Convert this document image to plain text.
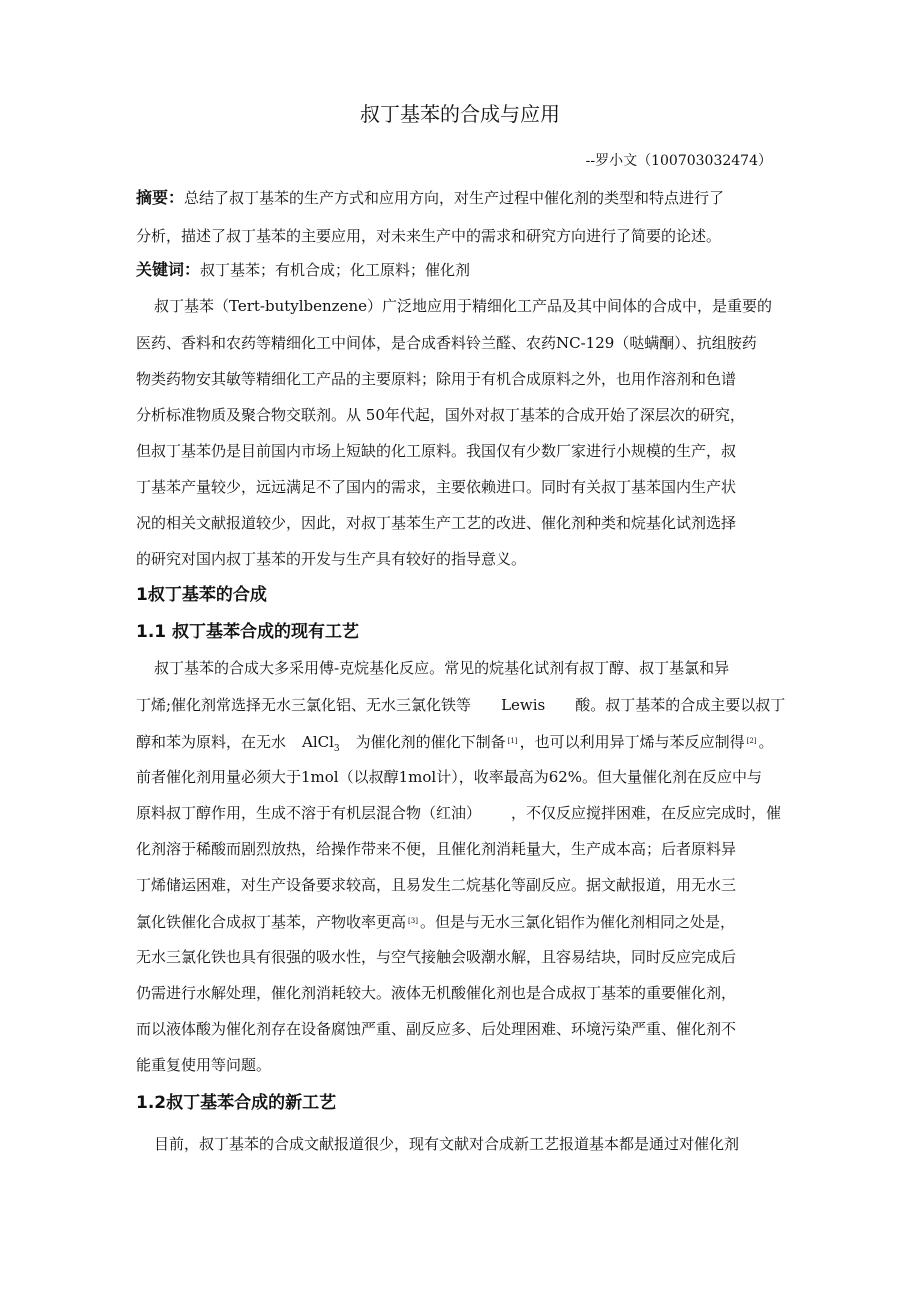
叔丁基苯的合成与应用
--罗小文（100703032474）
摘要：总结了叔丁基苯的生产方式和应用方向，对生产过程中催化剂的类型和特点进行了
分析，描述了叔丁基苯的主要应用，对未来生产中的需求和研究方向进行了简要的论述。
关键词：叔丁基苯；有机合成；化工原料；催化剂
叔丁基苯（Tert-butylbenzene）广泛地应用于精细化工产品及其中间体的合成中，是重要的
医药、香料和农药等精细化工中间体，是合成香料铃兰醛、农药NC-129（哒螨酮）、抗组胺药
物类药物安其敏等精细化工产品的主要原料；除用于有机合成原料之外，也用作溶剂和色谱
分析标准物质及聚合物交联剂。从 50年代起，国外对叔丁基苯的合成开始了深层次的研究，
但叔丁基苯仍是目前国内市场上短缺的化工原料。我国仅有少数厂家进行小规模的生产，叔
丁基苯产量较少，远远满足不了国内的需求，主要依赖进口。同时有关叔丁基苯国内生产状
况的相关文献报道较少，因此，对叔丁基苯生产工艺的改进、催化剂种类和烷基化试剂选择
的研究对国内叔丁基苯的开发与生产具有较好的指导意义。
1叔丁基苯的合成
1.1 叔丁基苯合成的现有工艺
叔丁基苯的合成大多采用傅-克烷基化反应。常见的烷基化试剂有叔丁醇、叔丁基氯和异
丁烯;催化剂常选择无水三氯化铝、无水三氯化铁等 Lewis 酸。叔丁基苯的合成主要以叔丁
醇和苯为原料，在无水 AlCl$_3$ 为催化剂的催化下制备 [1] ，也可以利用异丁烯与苯反应制得 [2] 。
前者催化剂用量必须大于1mol（以叔醇1mol计），收率最高为62%。但大量催化剂在反应中与
原料叔丁醇作用，生成不溶于有机层混合物（红油） ，不仅反应搅拌困难，在反应完成时，催
化剂溶于稀酸而剧烈放热，给操作带来不便，且催化剂消耗量大，生产成本高；后者原料异
丁烯储运困难，对生产设备要求较高，且易发生二烷基化等副反应。据文献报道，用无水三
氯化铁催化合成叔丁基苯，产物收率更高 [3] 。但是与无水三氯化铝作为催化剂相同之处是，
无水三氯化铁也具有很强的吸水性，与空气接触会吸潮水解，且容易结块，同时反应完成后
仍需进行水解处理，催化剂消耗较大。液体无机酸催化剂也是合成叔丁基苯的重要催化剂，
而以液体酸为催化剂存在设备腐蚀严重、副反应多、后处理困难、环境污染严重、催化剂不
能重复使用等问题。
1.2叔丁基苯合成的新工艺
目前，叔丁基苯的合成文献报道很少，现有文献对合成新工艺报道基本都是通过对催化剂
